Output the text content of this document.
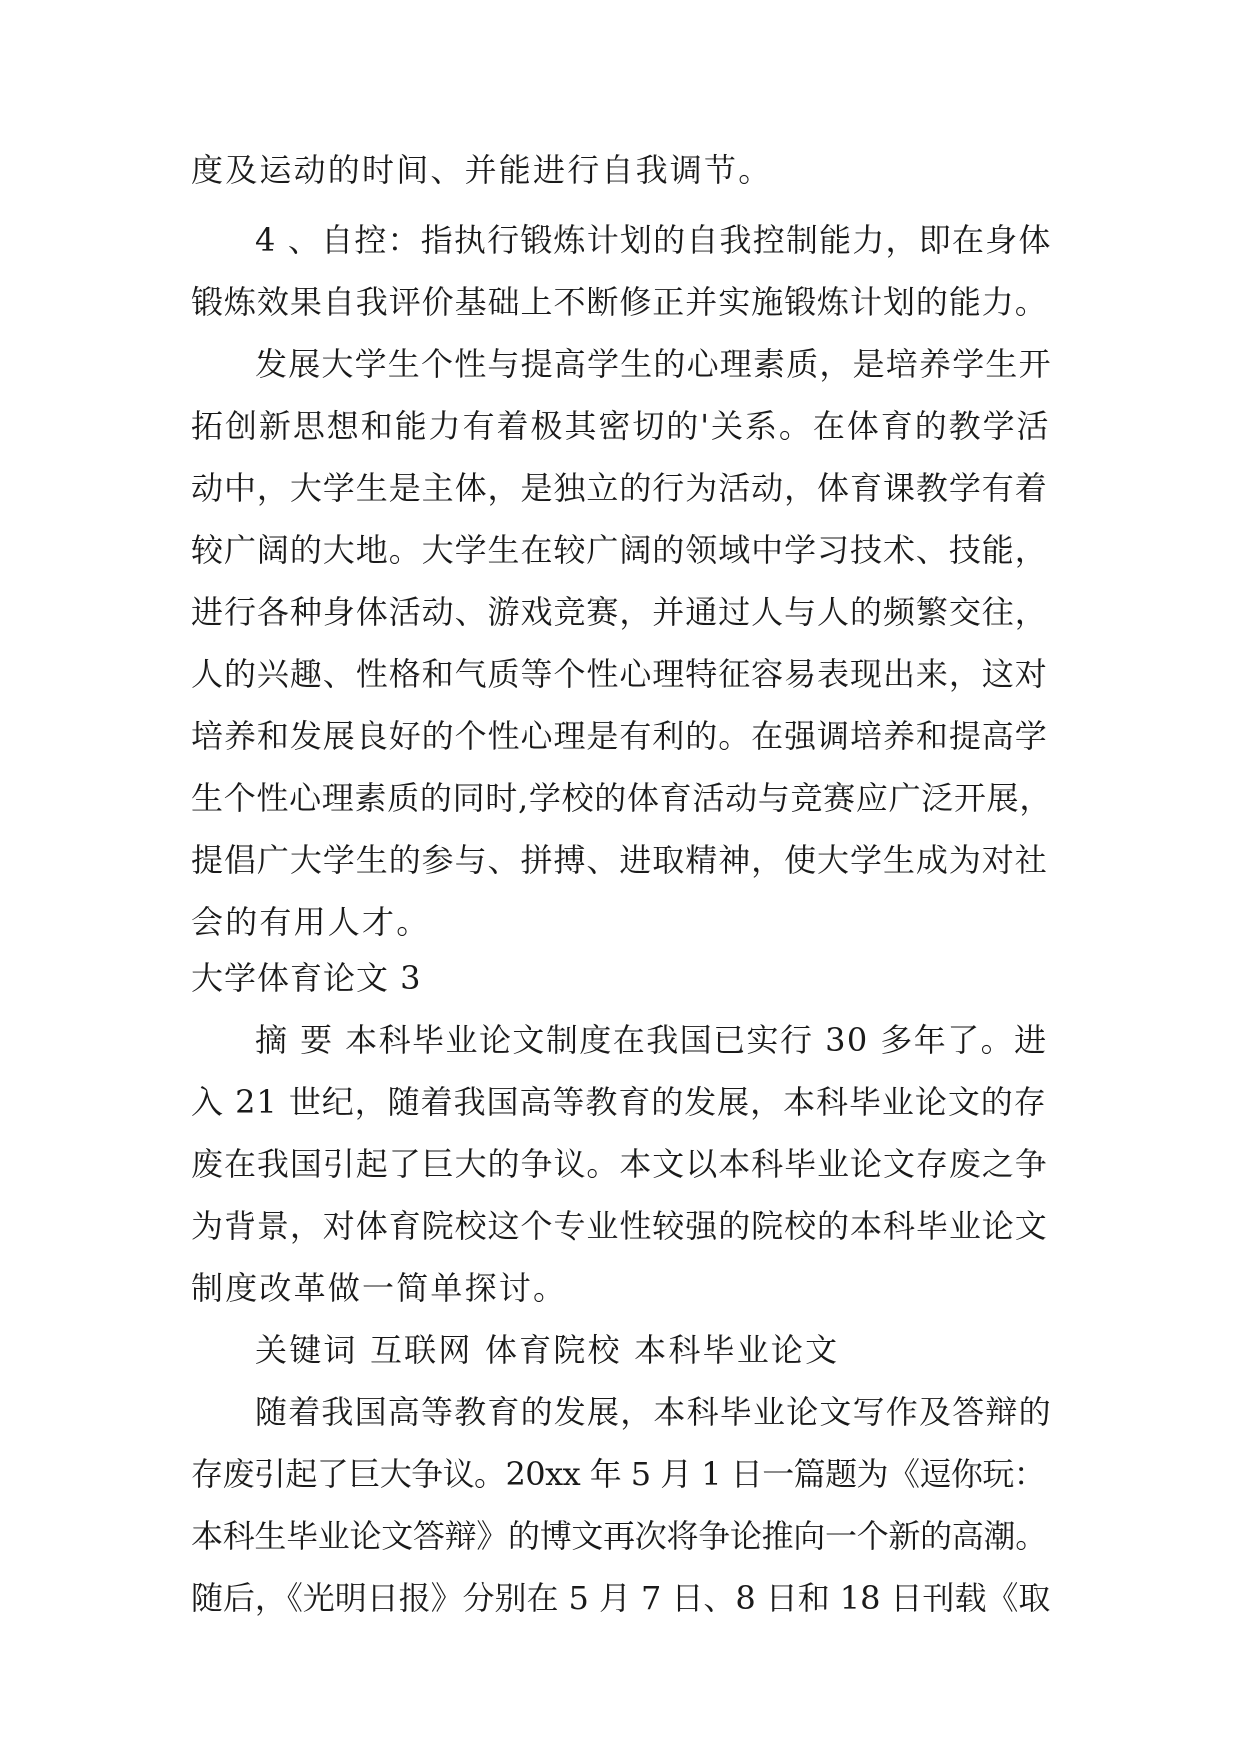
度及运动的时间、并能进行自我调节。
4 、自控：指执行锻炼计划的自我控制能力，即在身体
锻炼效果自我评价基础上不断修正并实施锻炼计划的能力。
发展大学生个性与提高学生的心理素质，是培养学生开
拓创新思想和能力有着极其密切的'关系。在体育的教学活
动中，大学生是主体，是独立的行为活动，体育课教学有着
较广阔的大地。大学生在较广阔的领域中学习技术、技能，
进行各种身体活动、游戏竞赛，并通过人与人的频繁交往，
人的兴趣、性格和气质等个性心理特征容易表现出来，这对
培养和发展良好的个性心理是有利的。在强调培养和提高学
生个性心理素质的同时,学校的体育活动与竞赛应广泛开展，
提倡广大学生的参与、拼搏、进取精神，使大学生成为对社
会的有用人才。
大学体育论文 3
摘 要 本科毕业论文制度在我国已实行 30 多年了。进
入 21 世纪，随着我国高等教育的发展，本科毕业论文的存
废在我国引起了巨大的争议。本文以本科毕业论文存废之争
为背景，对体育院校这个专业性较强的院校的本科毕业论文
制度改革做一简单探讨。
关键词 互联网 体育院校 本科毕业论文
随着我国高等教育的发展，本科毕业论文写作及答辩的
存废引起了巨大争议。20xx 年 5 月 1 日一篇题为《逗你玩：
本科生毕业论文答辩》的博文再次将争论推向一个新的高潮。
随后，《光明日报》分别在 5 月 7 日、8 日和 18 日刊载《取
